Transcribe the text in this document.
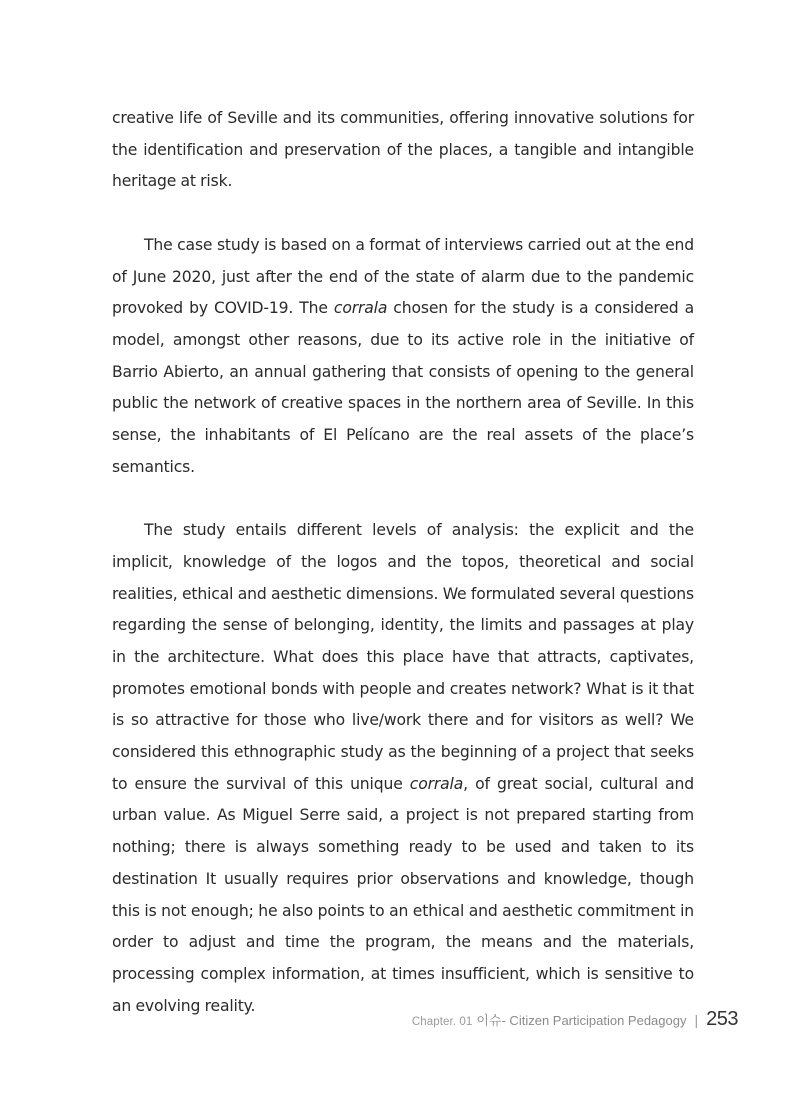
creative life of Seville and its communities, offering innovative solutions for the identification and preservation of the places, a tangible and intangible heritage at risk.

The case study is based on a format of interviews carried out at the end of June 2020, just after the end of the state of alarm due to the pandemic provoked by COVID-19. The corrala chosen for the study is a considered a model, amongst other reasons, due to its active role in the initiative of Barrio Abierto, an annual gathering that consists of opening to the general public the network of creative spaces in the northern area of Seville. In this sense, the inhabitants of El Pelícano are the real assets of the place’s semantics.

The study entails different levels of analysis: the explicit and the implicit, knowledge of the logos and the topos, theoretical and social realities, ethical and aesthetic dimensions. We formulated several questions regarding the sense of belonging, identity, the limits and passages at play in the architecture. What does this place have that attracts, captivates, promotes emotional bonds with people and creates network? What is it that is so attractive for those who live/work there and for visitors as well? We considered this ethnographic study as the beginning of a project that seeks to ensure the survival of this unique corrala, of great social, cultural and urban value. As Miguel Serre said, a project is not prepared starting from nothing; there is always something ready to be used and taken to its destination It usually requires prior observations and knowledge, though this is not enough; he also points to an ethical and aesthetic commitment in order to adjust and time the program, the means and the materials, processing complex information, at times insufficient, which is sensitive to an evolving reality.

Chapter. 01 이슈- Citizen Participation Pedagogy | 253
